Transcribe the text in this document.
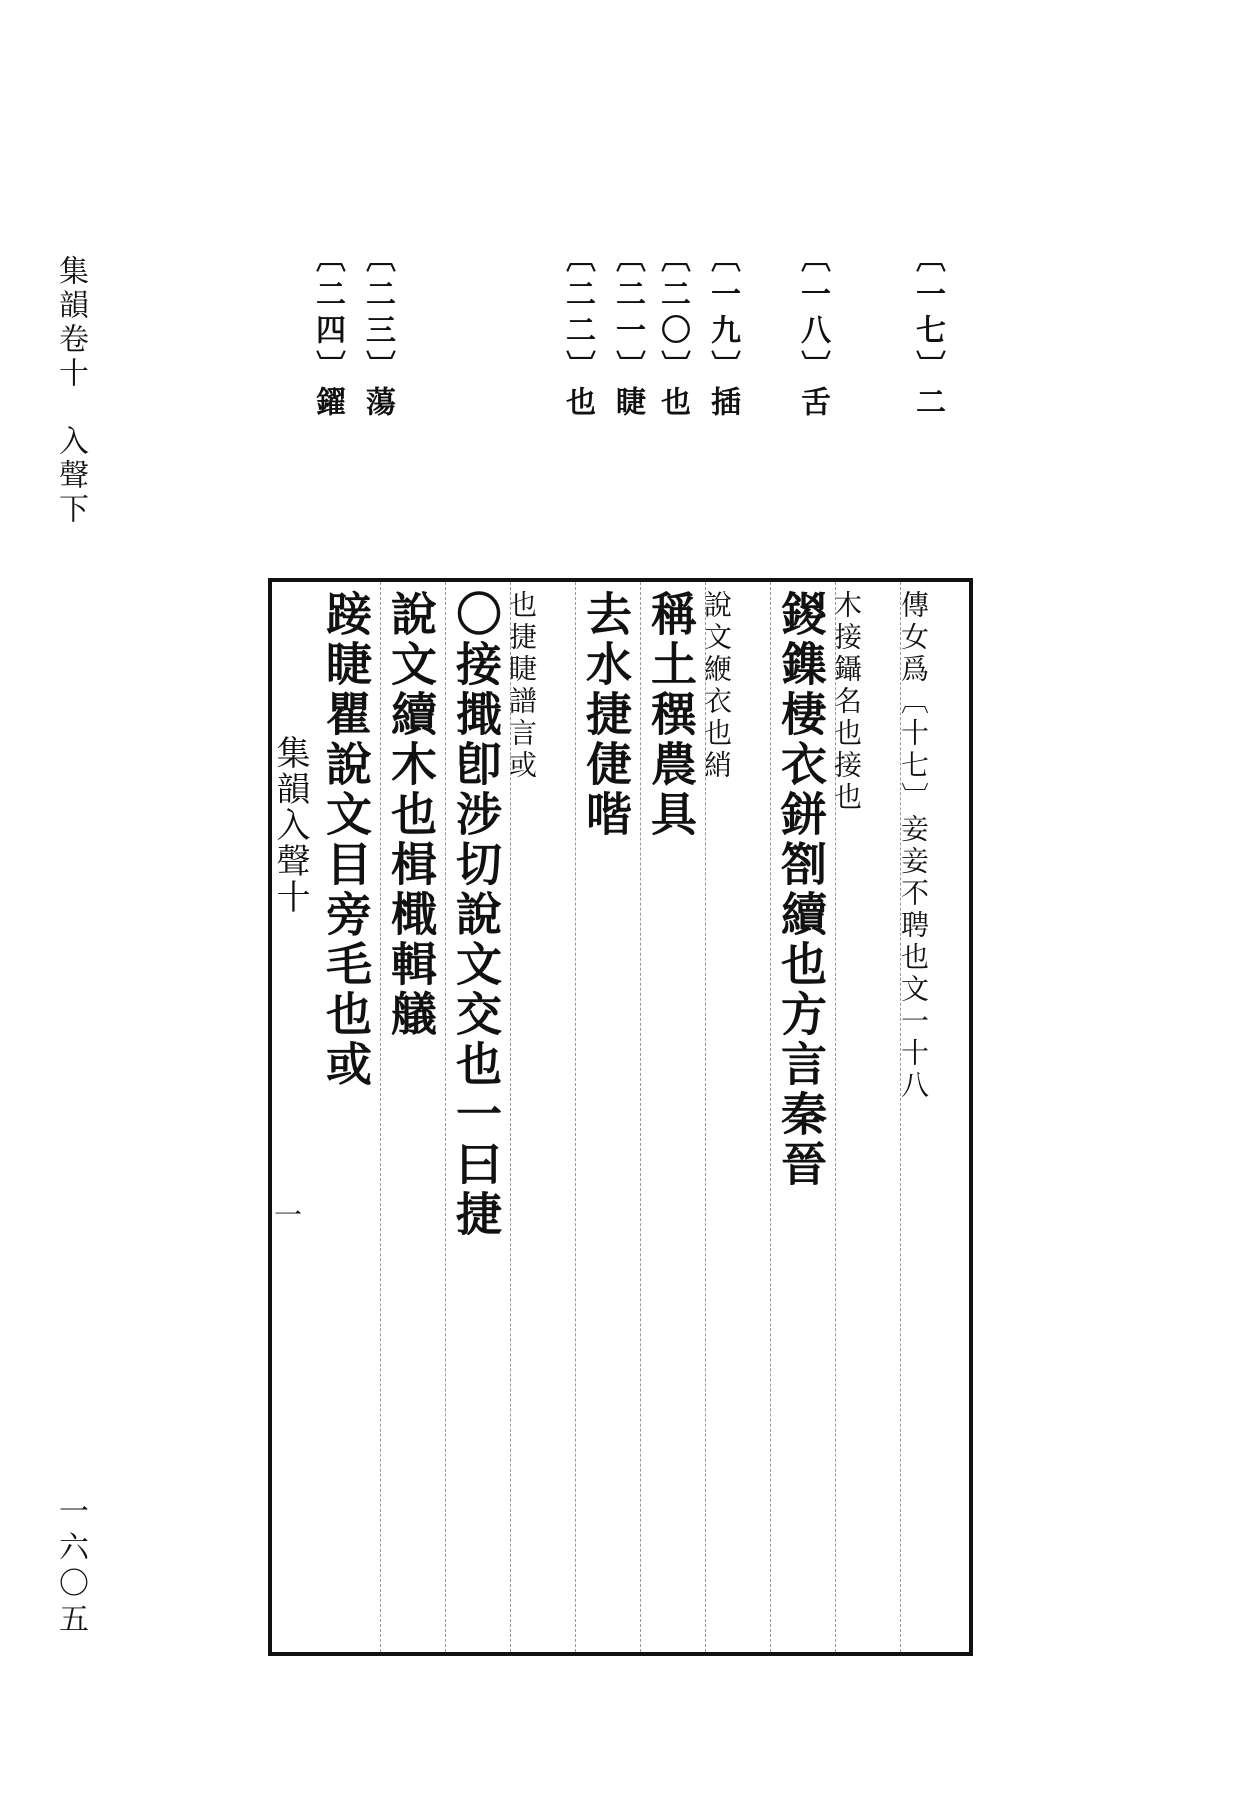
集韻卷十　入聲下
一六〇五
〔一七〕二
〔一八〕舌
〔一九〕插
〔二〇〕也
〔二一〕睫
〔二二〕也
〔二三〕蕩
〔二四〕鑃
集韻入聲十
一
傳女爲〔十七〕妾妾不聘也文一十八
木接鑷名也接也
鍐鏶棲衣鉼劄續也方言秦晉
說文緶衣也綃
稱土穓農具
去水捷倢喈
也捷睫譜言或
〇接擑卽涉切說文交也一曰捷
說文續木也楫檝輯艤
踥睫瞿說文目旁毛也或
